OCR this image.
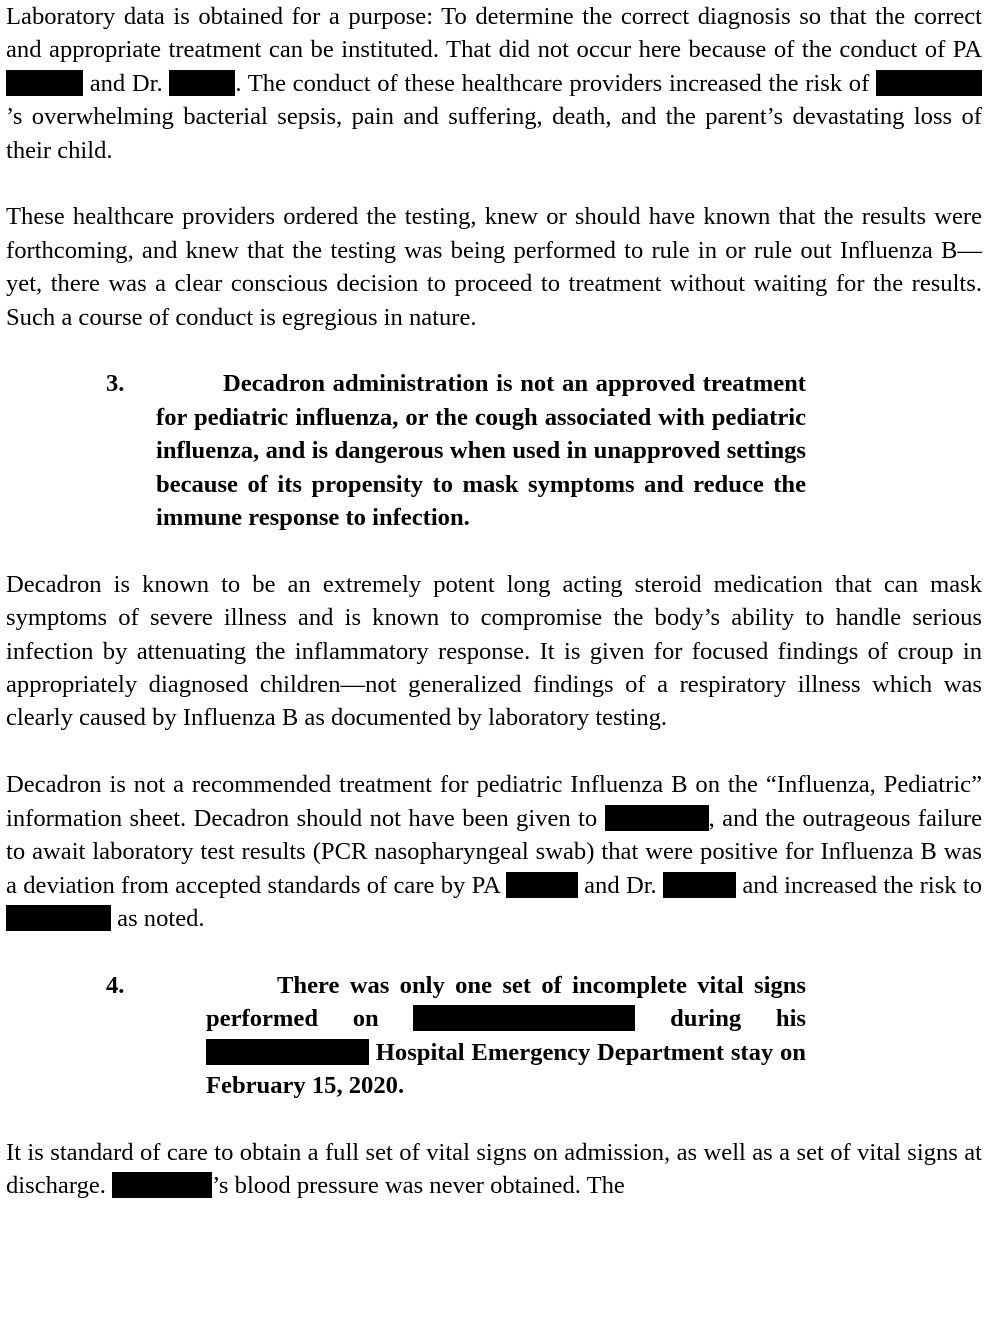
Laboratory data is obtained for a purpose: To determine the correct diagnosis so that the correct and appropriate treatment can be instituted. That did not occur here because of the conduct of PA and Dr.	. The conduct of these healthcare providers increased the risk of ’s overwhelming bacterial sepsis, pain and suffering, death, and the parent’s devastating loss of their child.

These healthcare providers ordered the testing, knew or should have known that the results were forthcoming, and knew that the testing was being performed to rule in or rule out Influenza B—yet, there was a clear conscious decision to proceed to treatment without waiting for the results. Such a course of conduct is egregious in nature.

3.	Decadron administration is not an approved treatment for pediatric influenza, or the cough associated with pediatric influenza, and is dangerous when used in unapproved settings because of its propensity to mask symptoms and reduce the immune response to infection.

Decadron is known to be an extremely potent long acting steroid medication that can mask symptoms of severe illness and is known to compromise the body’s ability to handle serious infection by attenuating the inflammatory response. It is given for focused findings of croup in appropriately diagnosed children—not generalized findings of a respiratory illness which was clearly caused by Influenza B as documented by laboratory testing.

Decadron is not a recommended treatment for pediatric Influenza B on the “Influenza, Pediatric” information sheet. Decadron should not have been given to	, and the outrageous failure to await laboratory test results (PCR nasopharyngeal swab) that were positive for Influenza B was a deviation from accepted standards of care by PA	and Dr.	and increased the risk to  as noted.

4.	There was only one set of incomplete vital signs performed on	during his  Hospital Emergency Department stay on February 15, 2020.

It is standard of care to obtain a full set of vital signs on admission, as well as a set of vital signs at discharge.	’s blood pressure was never obtained. The
